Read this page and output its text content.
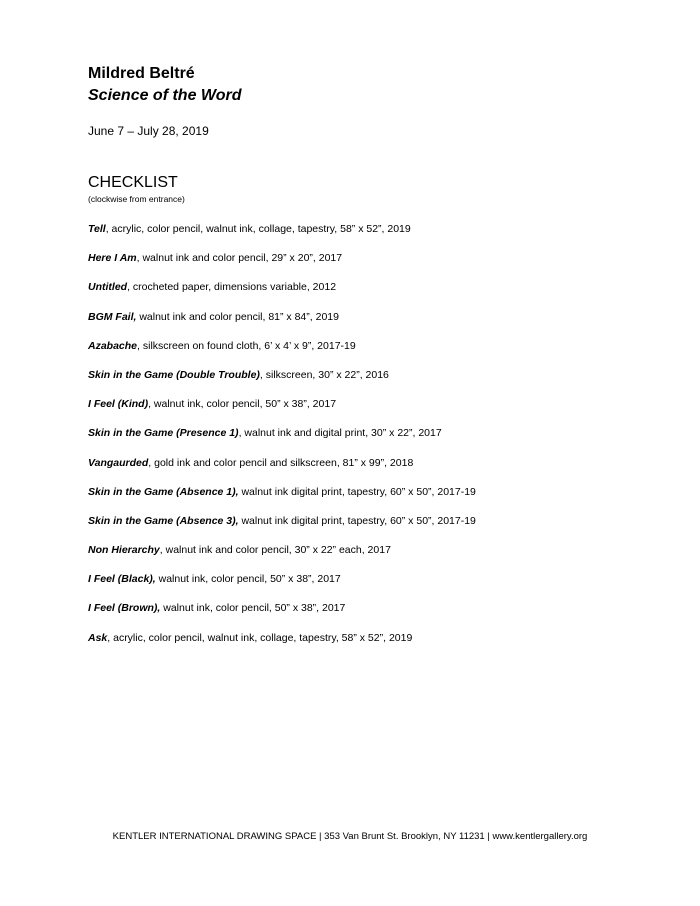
Mildred Beltré
Science of the Word
June 7 – July 28, 2019
CHECKLIST
(clockwise from entrance)
Tell, acrylic, color pencil, walnut ink, collage, tapestry, 58” x 52”, 2019
Here I Am, walnut ink and color pencil, 29” x 20”, 2017
Untitled, crocheted paper, dimensions variable, 2012
BGM Fail, walnut ink and color pencil, 81” x 84”, 2019
Azabache, silkscreen on found cloth, 6’ x 4’ x 9”, 2017-19
Skin in the Game (Double Trouble), silkscreen, 30” x 22”, 2016
I Feel (Kind), walnut ink, color pencil, 50” x 38”, 2017
Skin in the Game (Presence 1), walnut ink and digital print, 30” x 22”, 2017
Vangaurded, gold ink and color pencil and silkscreen, 81” x 99”, 2018
Skin in the Game (Absence 1), walnut ink digital print, tapestry, 60” x 50”, 2017-19
Skin in the Game (Absence 3), walnut ink digital print, tapestry, 60” x 50”, 2017-19
Non Hierarchy, walnut ink and color pencil, 30” x 22” each, 2017
I Feel (Black), walnut ink, color pencil, 50” x 38”, 2017
I Feel (Brown), walnut ink, color pencil, 50” x 38”, 2017
Ask, acrylic, color pencil, walnut ink, collage, tapestry, 58” x 52”, 2019
KENTLER INTERNATIONAL DRAWING SPACE | 353 Van Brunt St. Brooklyn, NY 11231 | www.kentlergallery.org
